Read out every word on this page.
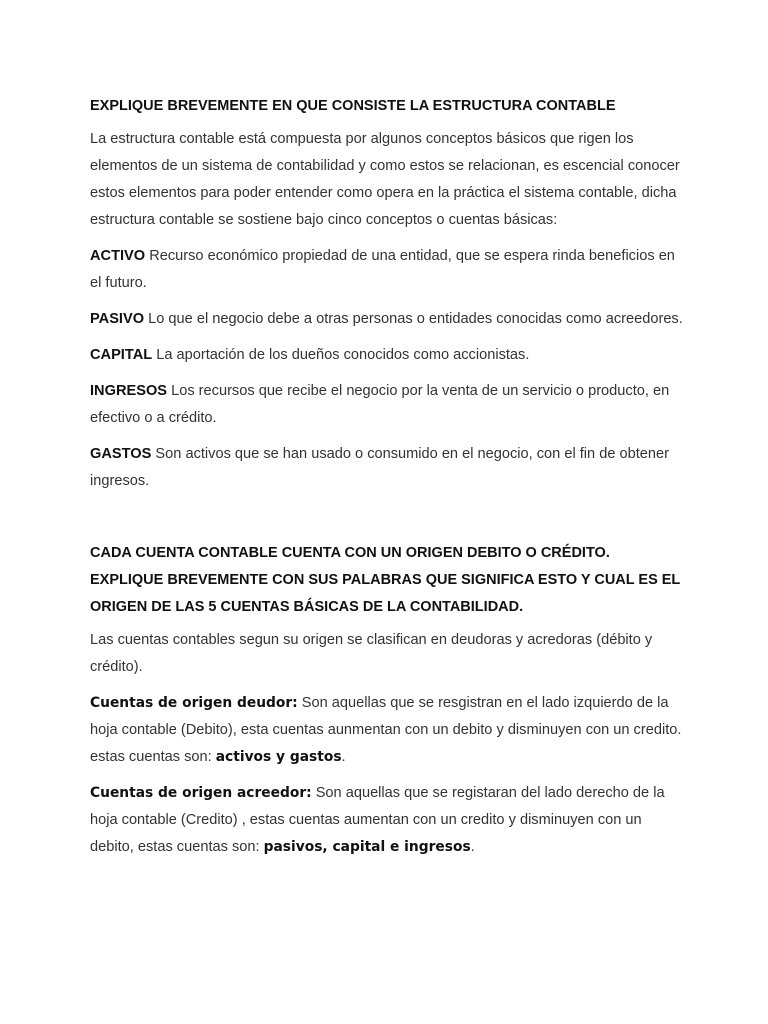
EXPLIQUE BREVEMENTE EN QUE CONSISTE LA ESTRUCTURA CONTABLE

La estructura contable está compuesta por algunos conceptos básicos que rigen los elementos de un sistema de contabilidad y como estos se relacionan, es escencial conocer estos elementos para poder entender como opera en la práctica el sistema contable, dicha estructura contable se sostiene bajo cinco conceptos o cuentas básicas:

ACTIVO Recurso económico propiedad de una entidad, que se espera rinda beneficios en el futuro.

PASIVO Lo que el negocio debe a otras personas o entidades conocidas como acreedores.

CAPITAL La aportación de los dueños conocidos como accionistas.

INGRESOS Los recursos que recibe el negocio por la venta de un servicio o producto, en efectivo o a crédito.

GASTOS Son activos que se han usado o consumido en el negocio, con el fin de obtener ingresos.

CADA CUENTA CONTABLE CUENTA CON UN ORIGEN DEBITO O CRÉDITO. EXPLIQUE BREVEMENTE CON SUS PALABRAS QUE SIGNIFICA ESTO Y CUAL ES EL ORIGEN DE LAS 5 CUENTAS BÁSICAS DE LA CONTABILIDAD.

Las cuentas contables segun su origen se clasifican en deudoras y acredoras (débito y crédito).

Cuentas de origen deudor: Son aquellas que se resgistran en el lado izquierdo de la hoja contable (Debito), esta cuentas aunmentan con un debito y disminuyen con un credito. estas cuentas son: activos y gastos.

Cuentas de origen acreedor: Son aquellas que se registaran del lado derecho de la hoja contable (Credito) , estas cuentas aumentan con un credito y disminuyen con un debito, estas cuentas son: pasivos, capital e ingresos.
